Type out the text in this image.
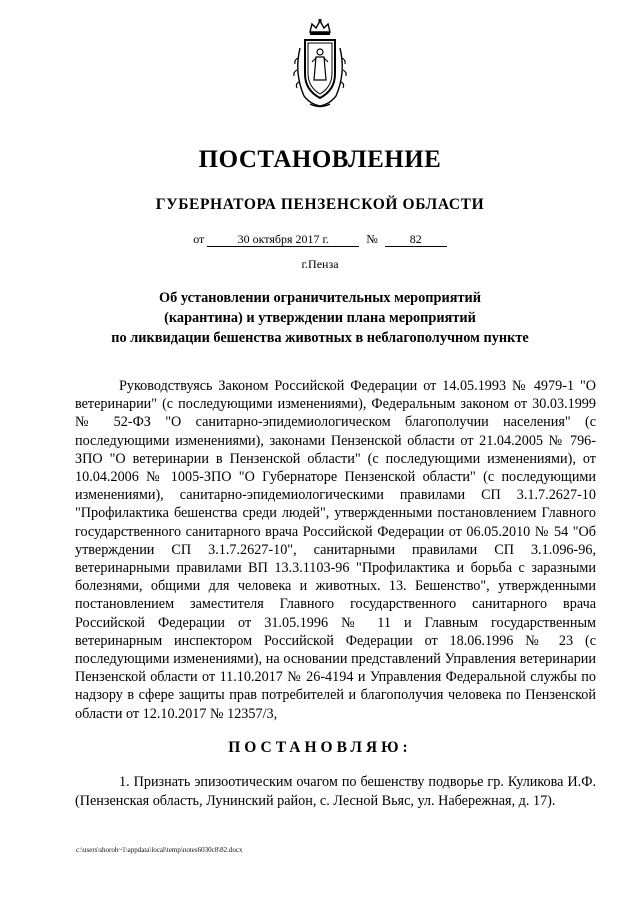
ПОСТАНОВЛЕНИЕ
ГУБЕРНАТОРА ПЕНЗЕНСКОЙ ОБЛАСТИ
от	30 октября 2017 г.	№	82
г.Пенза
Об установлении ограничительных мероприятий
(карантина) и утверждении плана мероприятий
по ликвидации бешенства животных в неблагополучном пункте

Руководствуясь Законом Российской Федерации от 14.05.1993 № 4979-1 "О ветеринарии" (с последующими изменениями), Федеральным законом от 30.03.1999 № 52-ФЗ "О санитарно-эпидемиологическом благополучии населения" (с последующими изменениями), законами Пензенской области от 21.04.2005 № 796-ЗПО "О ветеринарии в Пензенской области" (с последующими изменениями), от 10.04.2006 № 1005-ЗПО "О Губернаторе Пензенской области" (с последующими изменениями), санитарно-эпидемиологическими правилами СП 3.1.7.2627-10 "Профилактика бешенства среди людей", утвержденными постановлением Главного государственного санитарного врача Российской Федерации от 06.05.2010 № 54 "Об утверждении СП 3.1.7.2627-10", санитарными правилами СП 3.1.096-96, ветеринарными правилами ВП 13.3.1103-96 "Профилактика и борьба с заразными болезнями, общими для человека и животных. 13. Бешенство", утвержденными постановлением заместителя Главного государственного санитарного врача Российской Федерации от 31.05.1996 № 11 и Главным государственным ветеринарным инспектором Российской Федерации от 18.06.1996 № 23 (с последующими изменениями), на основании представлений Управления ветеринарии Пензенской области от 11.10.2017 № 26-4194 и Управления Федеральной службы по надзору в сфере защиты прав потребителей и благополучия человека по Пензенской области от 12.10.2017 № 12357/3,

ПОСТАНОВЛЯЮ:

1. Признать эпизоотическим очагом по бешенству подворье гр. Куликова И.Ф. (Пензенская область, Лунинский район, с. Лесной Вьяс, ул. Набережная, д. 17).

c:\users\shoroh~1\appdata\local\temp\notes6030c8\82.docx
